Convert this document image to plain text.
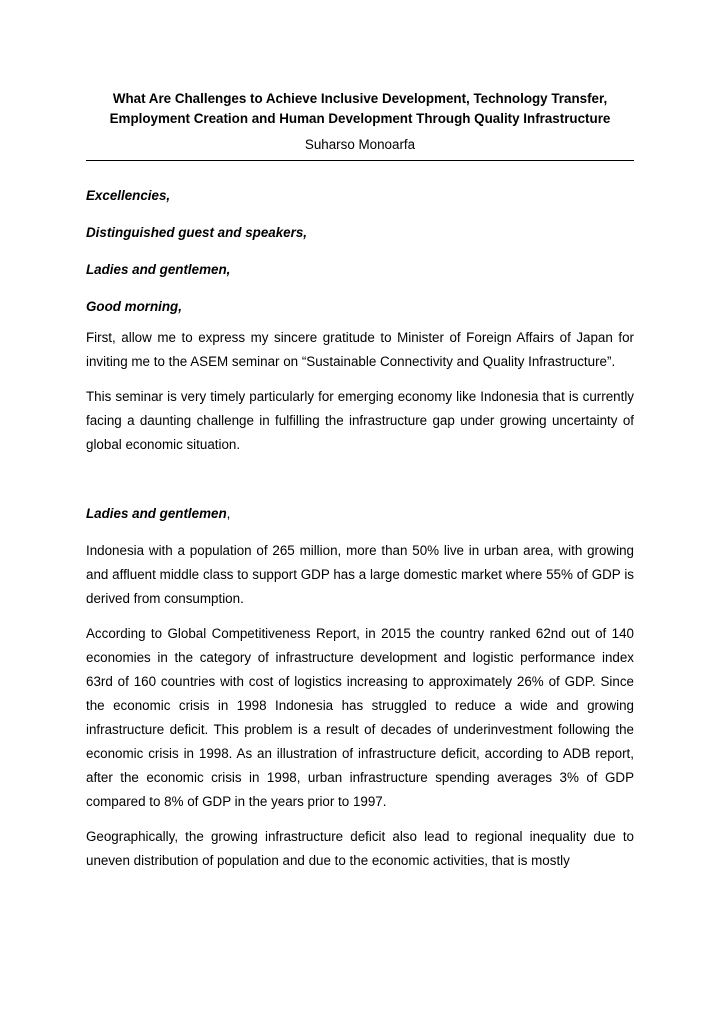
What Are Challenges to Achieve Inclusive Development, Technology Transfer,
Employment Creation and Human Development Through Quality Infrastructure

Suharso Monoarfa

Excellencies,

Distinguished guest and speakers,

Ladies and gentlemen,

Good morning,

First, allow me to express my sincere gratitude to Minister of Foreign Affairs of Japan for inviting me to the ASEM seminar on “Sustainable Connectivity and Quality Infrastructure”.

This seminar is very timely particularly for emerging economy like Indonesia that is currently facing a daunting challenge in fulfilling the infrastructure gap under growing uncertainty of global economic situation.

Ladies and gentlemen,

Indonesia with a population of 265 million, more than 50% live in urban area, with growing and affluent middle class to support GDP has a large domestic market where 55% of GDP is derived from consumption.

According to Global Competitiveness Report, in 2015 the country ranked 62nd out of 140 economies in the category of infrastructure development and logistic performance index 63rd of 160 countries with cost of logistics increasing to approximately 26% of GDP. Since the economic crisis in 1998 Indonesia has struggled to reduce a wide and growing infrastructure deficit. This problem is a result of decades of underinvestment following the economic crisis in 1998. As an illustration of infrastructure deficit, according to ADB report, after the economic crisis in 1998, urban infrastructure spending averages 3% of GDP compared to 8% of GDP in the years prior to 1997.

Geographically, the growing infrastructure deficit also lead to regional inequality due to uneven distribution of population and due to the economic activities, that is mostly
